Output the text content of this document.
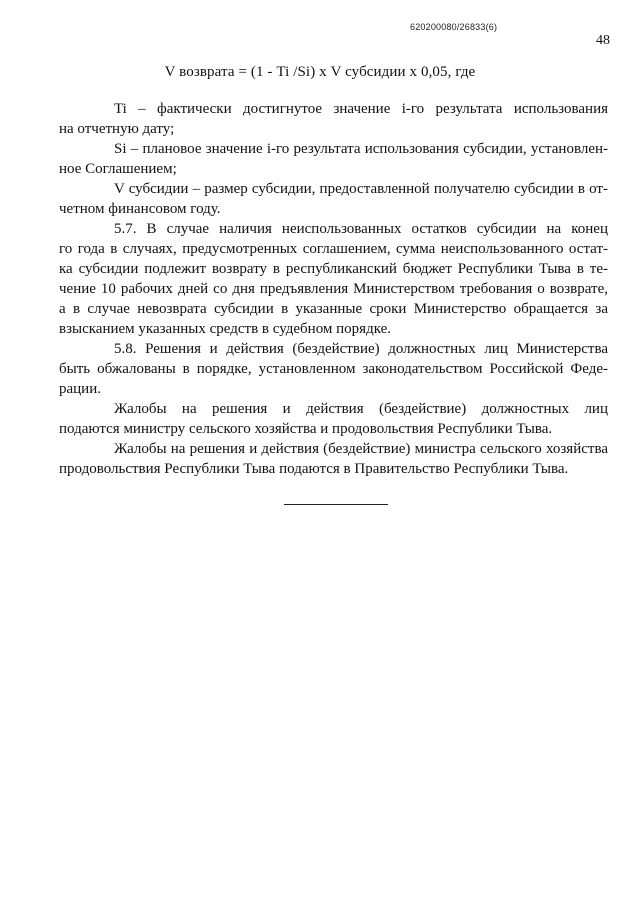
620200080/26833(6)
48
V возврата = (1 - Ti /Si) х V субсидии х 0,05, где
Ti – фактически достигнутое значение i-го результата использования
на отчетную дату;
Si – плановое значение i-го результата использования субсидии, установлен-
ное Соглашением;
V субсидии – размер субсидии, предоставленной получателю субсидии в от-
четном финансовом году.
5.7. В случае наличия неиспользованных остатков субсидии на конец
го года в случаях, предусмотренных соглашением, сумма неиспользованного остат-
ка субсидии подлежит возврату в республиканский бюджет Республики Тыва в те-
чение 10 рабочих дней со дня предъявления Министерством требования о возврате,
а в случае невозврата субсидии в указанные сроки Министерство обращается за
взысканием указанных средств в судебном порядке.
5.8. Решения и действия (бездействие) должностных лиц Министерства
быть обжалованы в порядке, установленном законодательством Российской Феде-
рации.
Жалобы на решения и действия (бездействие) должностных лиц
подаются министру сельского хозяйства и продовольствия Республики Тыва.
Жалобы на решения и действия (бездействие) министра сельского хозяйства
продовольствия Республики Тыва подаются в Правительство Республики Тыва.
